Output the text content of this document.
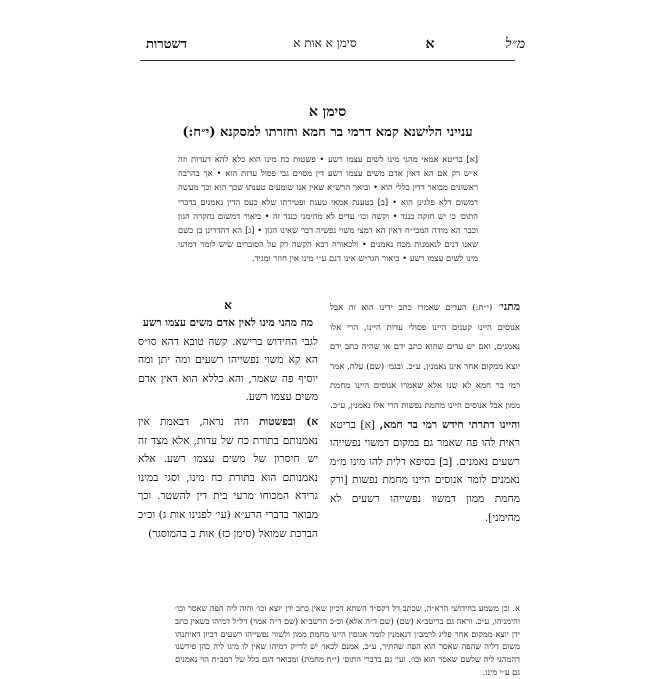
דשטרות	סימן א אות א	א	מ״ל
סימן א
ענייני הלישנא קמא דרמי בר חמא וחזרתו למסקנא (י״ח:)
[א] בריטא אמאי מהני מינו לשים עצמו רשע • פשטות כח מינו הוא כלא להא דעדות וזה א״ש רק אם הא דאין אדם משים עצמו רשע דין מסוים גבי פסול עדות הוא • אך בהרבה ראשונים מבואר דדין כללי הוא • וביאר הרש״א שאין אנו שומעים טענתו שכך הוא וכך מעשה דמשום דלא פלגינן הוא • [ב] בטענת אמאי טענת ופטירתו שלא כעס הדין נאמנים בדברי התוס׳ כי יש חזקה כנגד • וקשה וכו׳ עדים לא מהימני כנגד זה • ביאור דמשום נחקרה הגון וכבר הא מודה המבי״ח דאין הא דמצי משוי נפשיה דבר שאינו הגון • [ג] הא דהדרינן בן כשם שאנו דנים לנאמנות מכח נאמנים • ולכאורה רבא הקשה רק על הסוברים שיש לומר דמהני מינו לשים עצמו רשע • ביאור הגר״ש אינו דנם ע״י מינו אין חוזר ומגיד.
מתני׳ (י״ח:) העדים שאמרו כתב ידינו הוא זה אבל אנוסים היינו קטנים היינו פסולי עדות היינו, הרי אלו נאמנים, ואם יש עדים שהוא כתב ידם או שהיה כתב ידם יוצא ממקום אחר אינן נאמנין, ע״כ. ובגמ׳ (שם) עלה, אמר רמי בר חמא לא שנו אלא שאמרו אנוסים היינו מחמת ממון אבל אנוסים היינו מחמת נפשות הרי אלו נאמנין, ע״כ.
והיינו דתרתי חידש רמי בר חמא, [א] בריטא ראית להו פה שאמר גם במקום דמשוי נפשייהו רשעים נאמנים. [ב] בסיפא דלית להו מינו מ״מ נאמנים לומר אנוסים היינו מחמת נפשות [ורק מחמת ממון דמשוו נפשייהו רשעים לא מהימני].
א
מה מהני מינו לאין אדם משים עצמו רשע
לגבי החידוש ברישא. קשה טובא דהא סו״ס הא קא משוי נפשייהו רשעים ומה יתן ומה יוסיף פה שאמר, והא כללא הוא דאין אדם משים עצמו רשע.
א) ובפשטות היה נראה, דבאמת אין נאמנותם בתורת כח של עדות, אלא מצד זה יש חיסרון של משים עצמו רשע. אלא נאמנותם הוא בתורת כח מינו, וסגי במינו גרידא המכוחו מרעי בית דין להשטר. וכך מבואר בדברי הרע״א (עי׳ לפנינו אות ג) וכ״כ הברכת שמואל (סימן כז) אות ב בהמוסגר)
א. וכן משמע בחידושי הרא״ה, שכתב דל דקס״ד השתא דכיון שאין כתב ידן יוצא וכו׳ והוה ליה הפה שאסר וכו׳ והימניהו, ע״כ. וראה גם בריטב״א (שם) (שם ד״ה אלא) וכ״כ הרשב״א (שם ד״ה אמר) דל״ל דמיהו בשאין כתב ידן יוצא ממקום אחר פליג לרמב״ן דנאמנין לומר אנוסין היינו מחמת ממון ולשווי נפשייהו רשעים דכיון דאיתנהו משום דליה שהפה שאסר הוא הפה שהתיר, ע״כ. אמנם לכאו׳ יש לדייק דמיהו שאין לו מיגו ליה כהן פירשנו דהמהני ליה שלשם שאסר הוא וכו׳. ועי׳ גם בדברי התוס׳ (י״ח מחמת) ומבואר דגם כלל של רמב״ח הוי נאמנים גם ע״י מינו.
